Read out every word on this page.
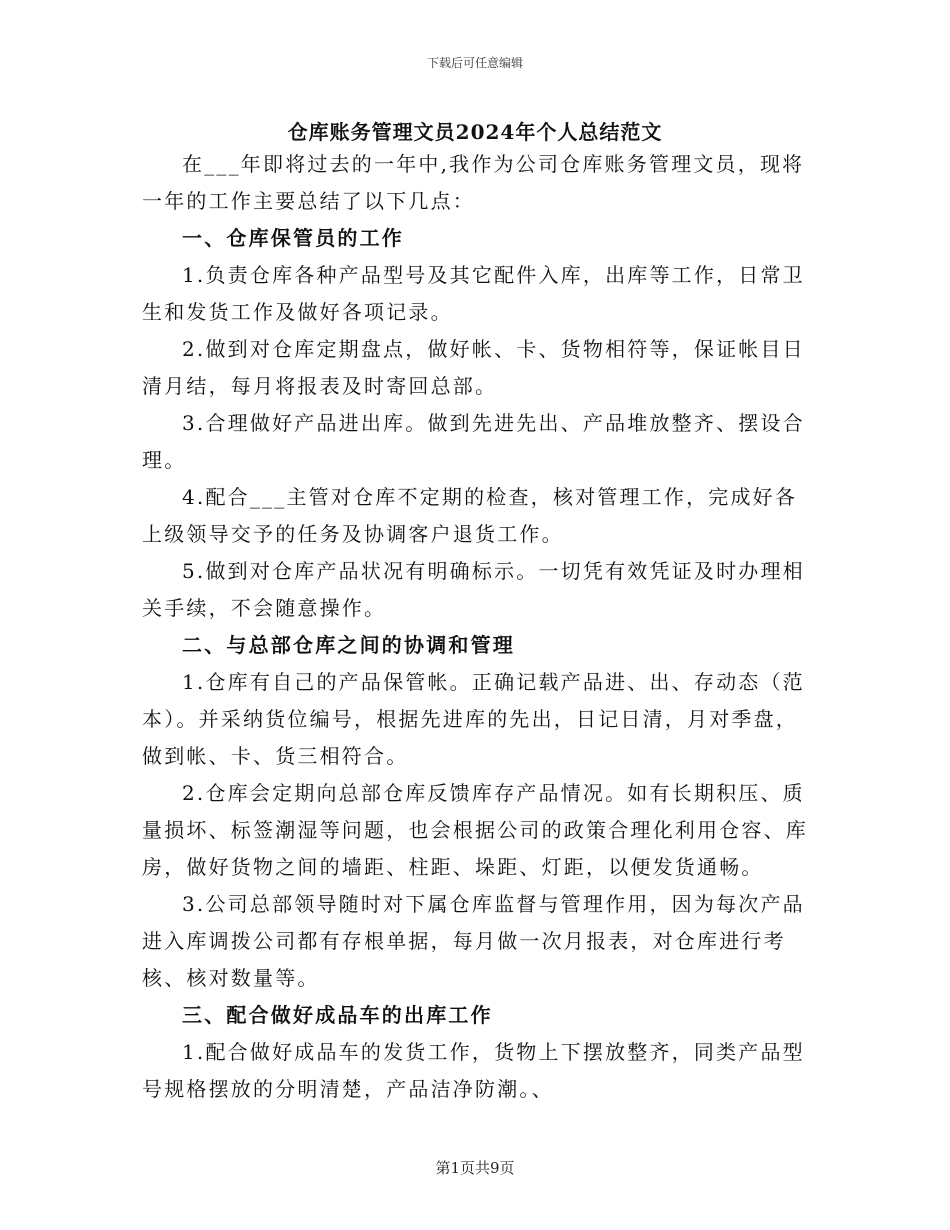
下载后可任意编辑
仓库账务管理文员2024年个人总结范文

在___年即将过去的一年中,我作为公司仓库账务管理文员，现将一年的工作主要总结了以下几点：

一、仓库保管员的工作

1.负责仓库各种产品型号及其它配件入库，出库等工作，日常卫生和发货工作及做好各项记录。

2.做到对仓库定期盘点，做好帐、卡、货物相符等，保证帐目日清月结，每月将报表及时寄回总部。

3.合理做好产品进出库。做到先进先出、产品堆放整齐、摆设合理。

4.配合___主管对仓库不定期的检查，核对管理工作，完成好各上级领导交予的任务及协调客户退货工作。

5.做到对仓库产品状况有明确标示。一切凭有效凭证及时办理相关手续，不会随意操作。

二、与总部仓库之间的协调和管理

1.仓库有自己的产品保管帐。正确记载产品进、出、存动态（范本）。并采纳货位编号，根据先进库的先出，日记日清，月对季盘，做到帐、卡、货三相符合。

2.仓库会定期向总部仓库反馈库存产品情况。如有长期积压、质量损坏、标签潮湿等问题，也会根据公司的政策合理化利用仓容、库房，做好货物之间的墙距、柱距、垛距、灯距，以便发货通畅。

3.公司总部领导随时对下属仓库监督与管理作用，因为每次产品进入库调拨公司都有存根单据，每月做一次月报表，对仓库进行考核、核对数量等。

三、配合做好成品车的出库工作

1.配合做好成品车的发货工作，货物上下摆放整齐，同类产品型号规格摆放的分明清楚，产品洁净防潮。、

第1页共9页
